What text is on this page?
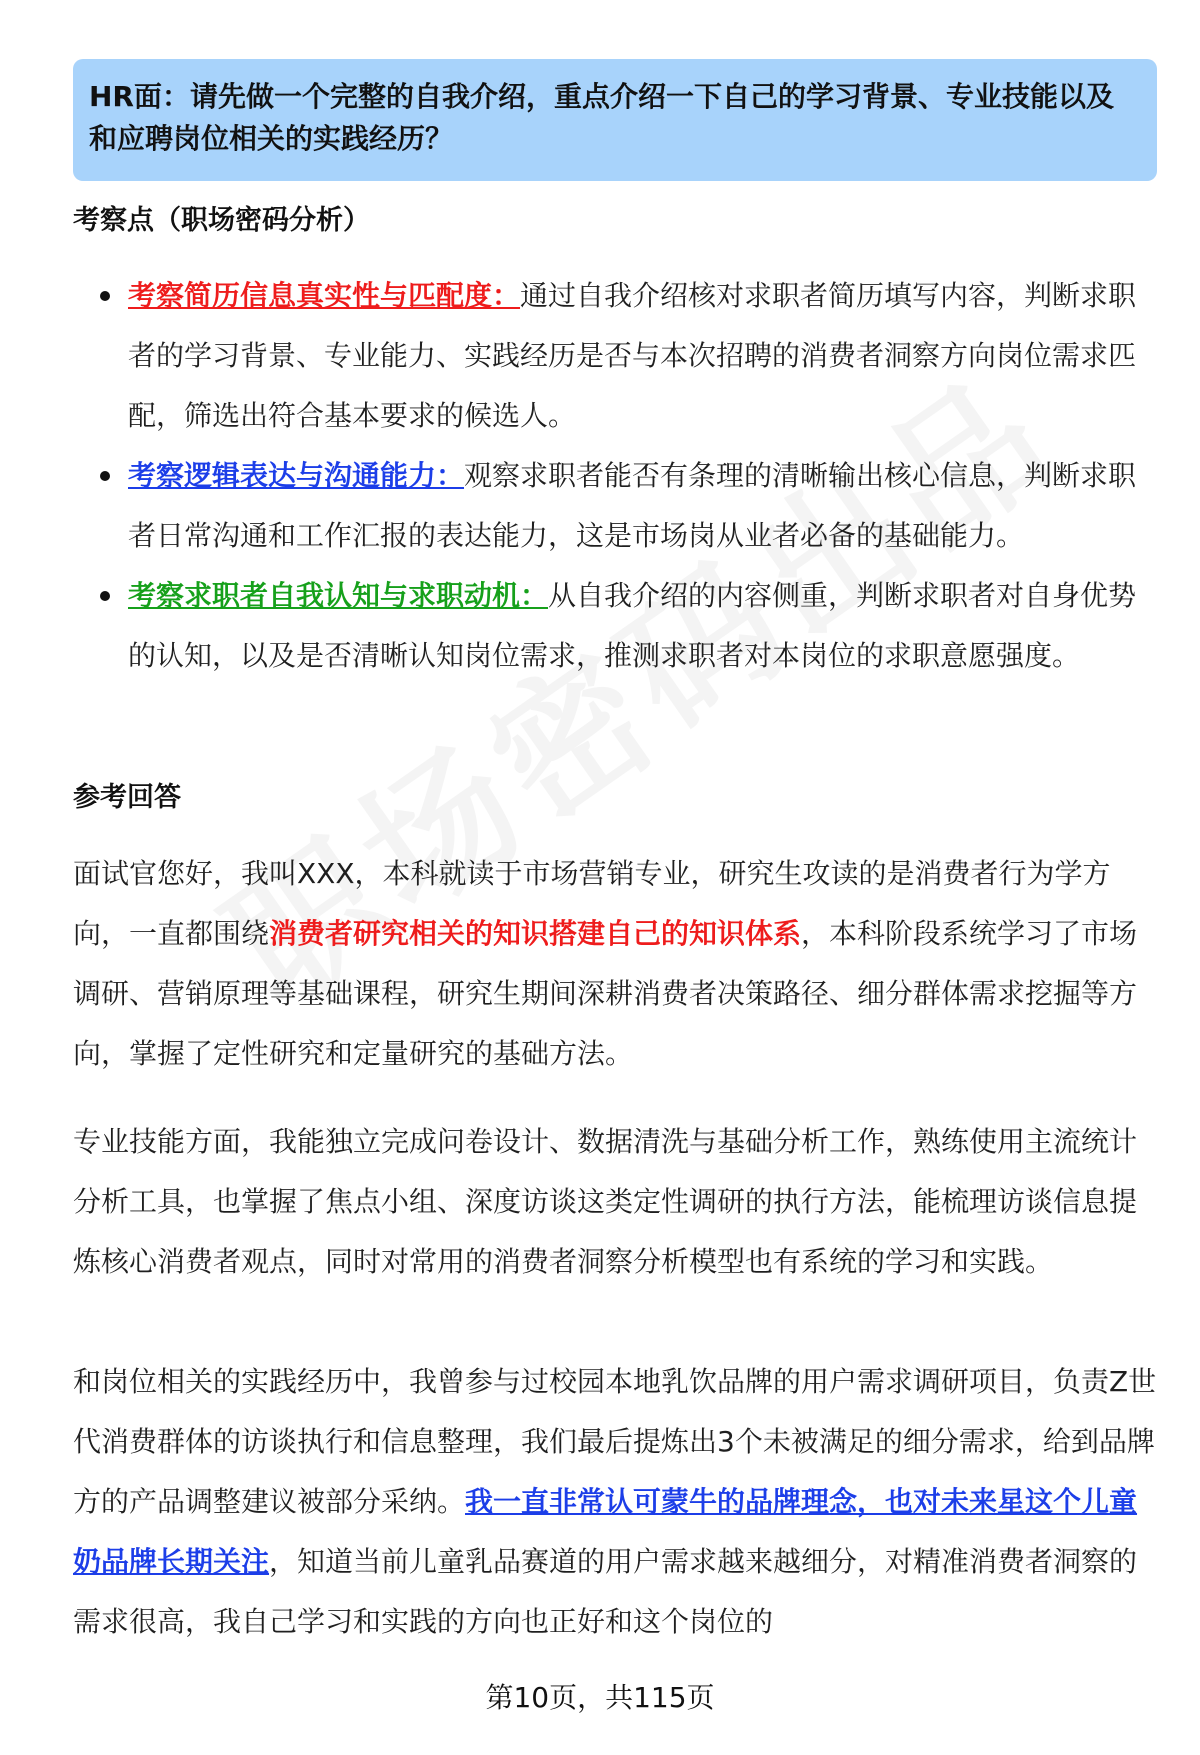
HR面：请先做一个完整的自我介绍，重点介绍一下自己的学习背景、专业技能以及和应聘岗位相关的实践经历？
考察点（职场密码分析）
考察简历信息真实性与匹配度：通过自我介绍核对求职者简历填写内容，判断求职者的学习背景、专业能力、实践经历是否与本次招聘的消费者洞察方向岗位需求匹配，筛选出符合基本要求的候选人。
考察逻辑表达与沟通能力：观察求职者能否有条理的清晰输出核心信息，判断求职者日常沟通和工作汇报的表达能力，这是市场岗从业者必备的基础能力。
考察求职者自我认知与求职动机：从自我介绍的内容侧重，判断求职者对自身优势的认知，以及是否清晰认知岗位需求，推测求职者对本岗位的求职意愿强度。
参考回答
面试官您好，我叫XXX，本科就读于市场营销专业，研究生攻读的是消费者行为学方向，一直都围绕消费者研究相关的知识搭建自己的知识体系，本科阶段系统学习了市场调研、营销原理等基础课程，研究生期间深耕消费者决策路径、细分群体需求挖掘等方向，掌握了定性研究和定量研究的基础方法。
专业技能方面，我能独立完成问卷设计、数据清洗与基础分析工作，熟练使用主流统计分析工具，也掌握了焦点小组、深度访谈这类定性调研的执行方法，能梳理访谈信息提炼核心消费者观点，同时对常用的消费者洞察分析模型也有系统的学习和实践。
和岗位相关的实践经历中，我曾参与过校园本地乳饮品牌的用户需求调研项目，负责Z世代消费群体的访谈执行和信息整理，我们最后提炼出3个未被满足的细分需求，给到品牌方的产品调整建议被部分采纳。我一直非常认可蒙牛的品牌理念，也对未来星这个儿童奶品牌长期关注，知道当前儿童乳品赛道的用户需求越来越细分，对精准消费者洞察的需求很高，我自己学习和实践的方向也正好和这个岗位的
第10页，共115页
